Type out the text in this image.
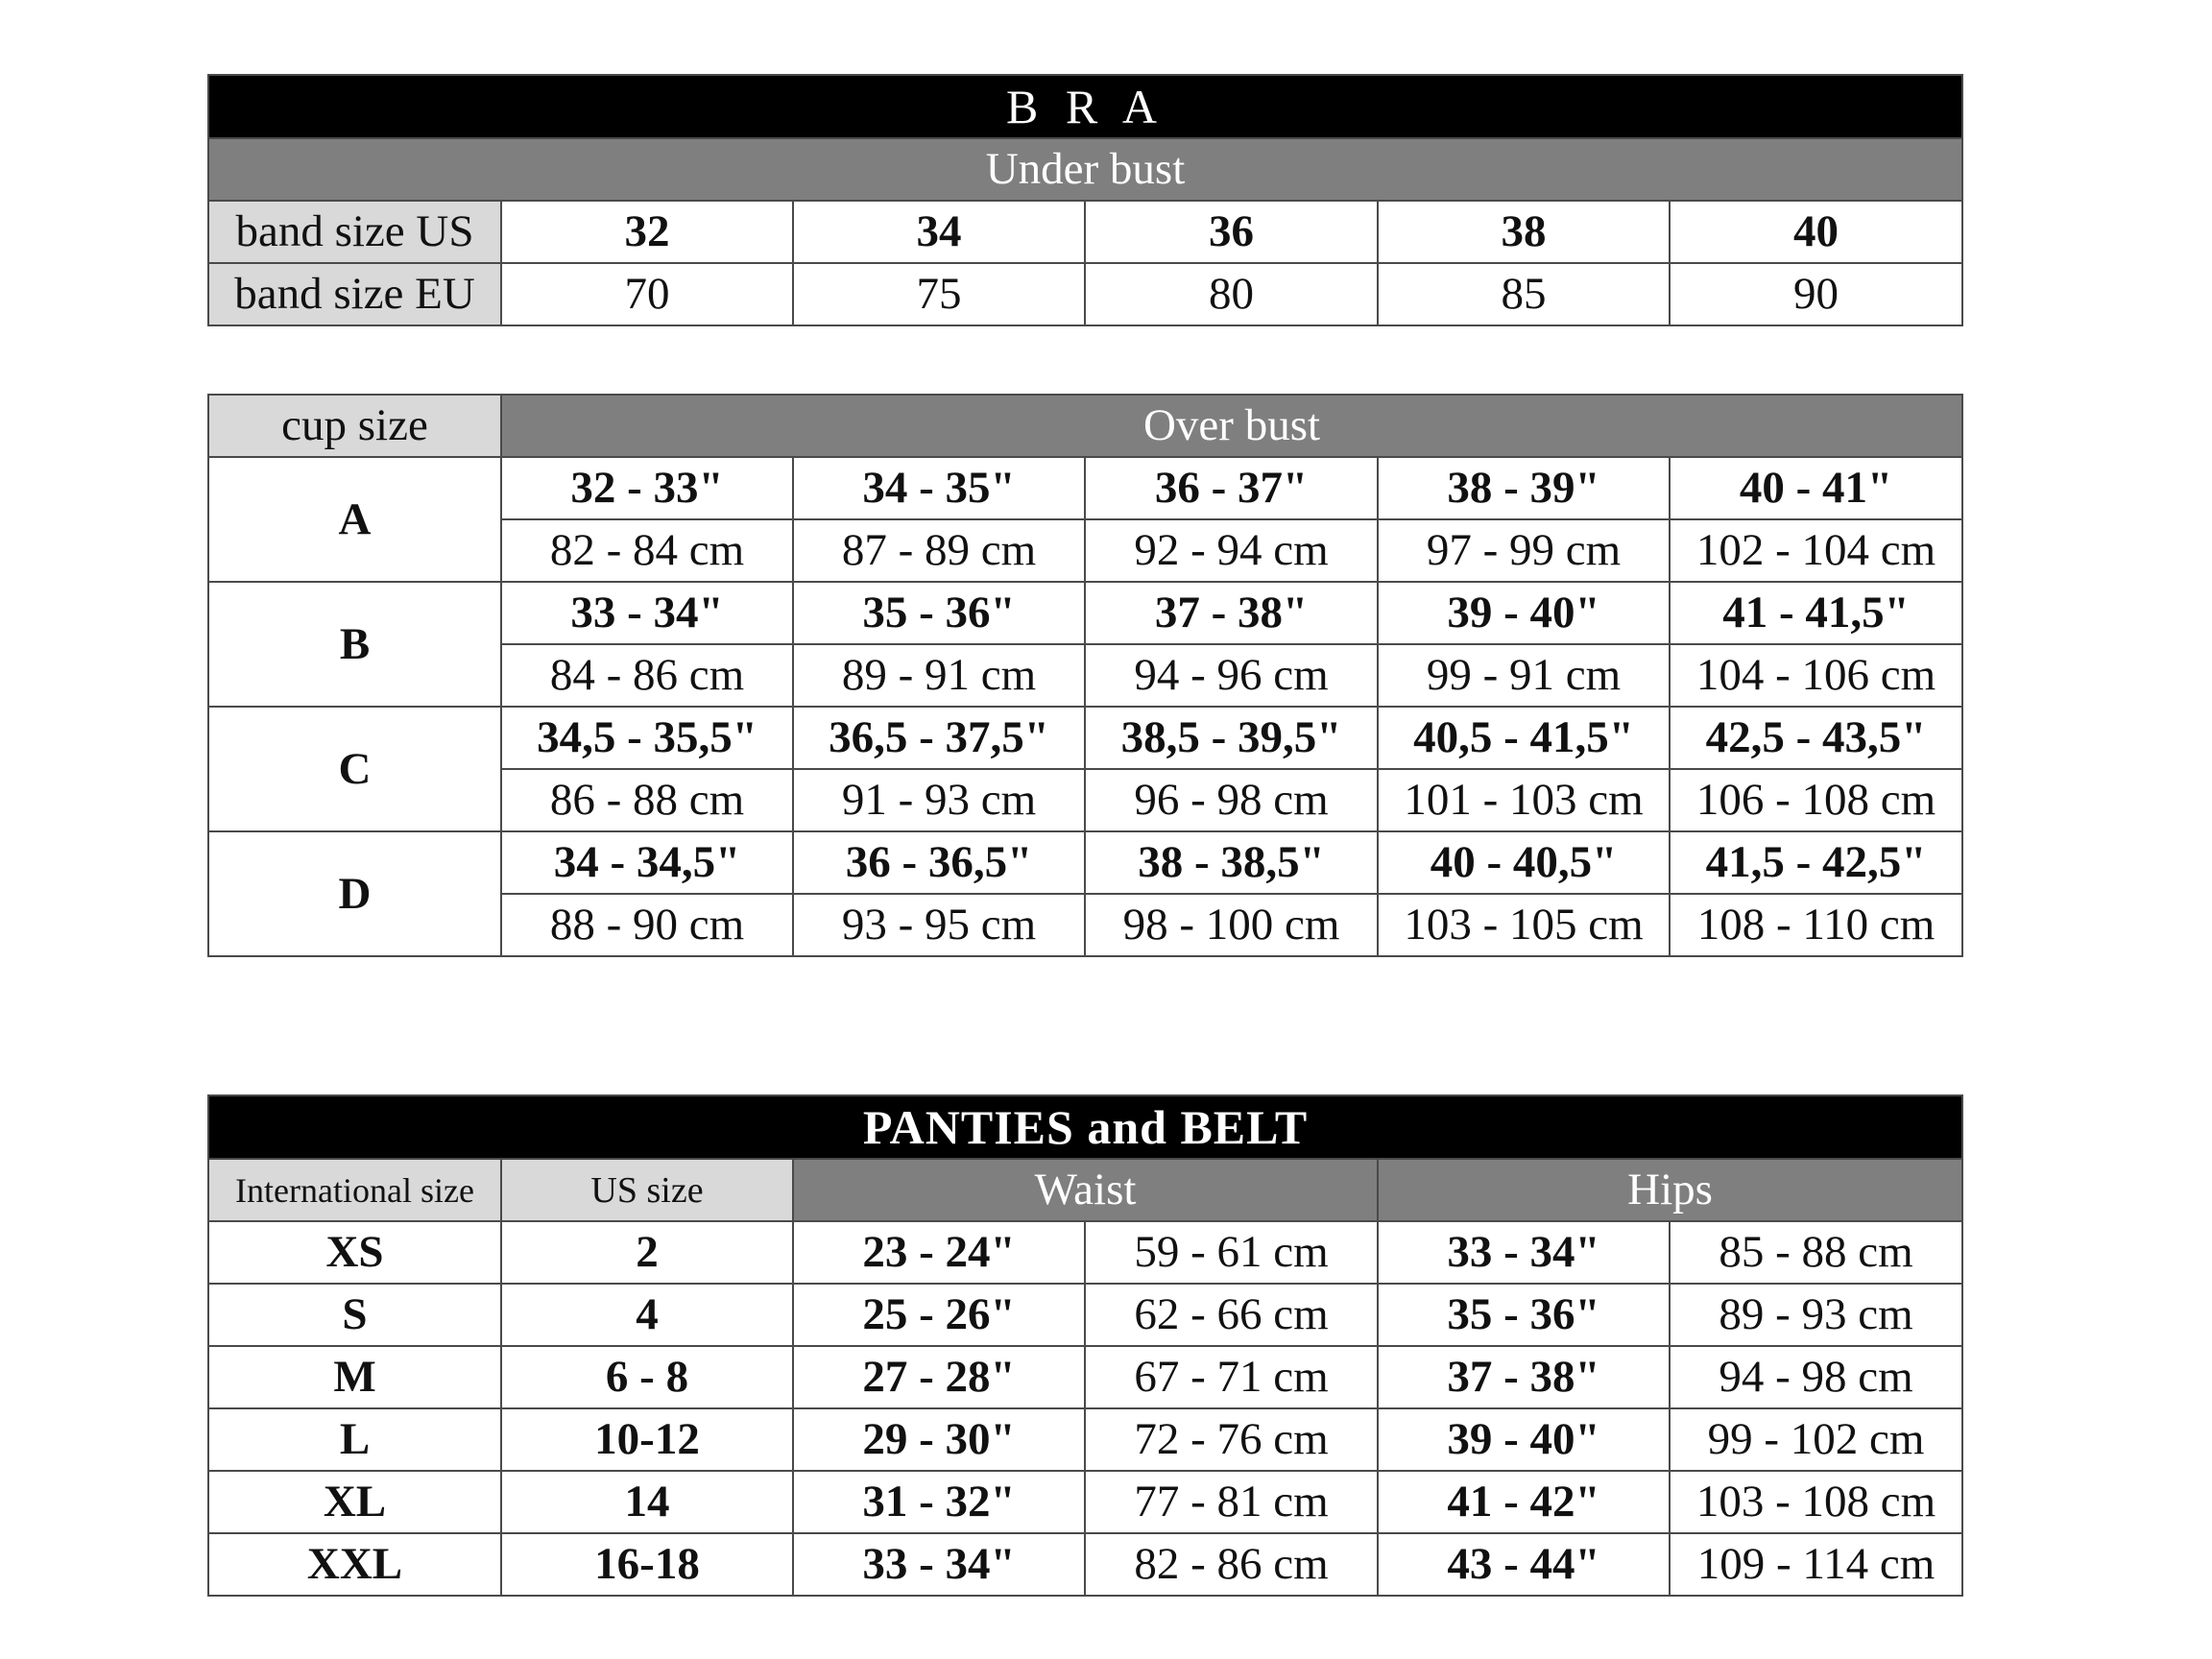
B R A					
Under bust					
band size US	32	34	36	38	40
band size EU	70	75	80	85	90
cup size	Over bust				
A	32 - 33"	34 - 35"	36 - 37"	38 - 39"	40 - 41"
	82 - 84 cm	87 - 89 cm	92 - 94 cm	97 - 99 cm	102 - 104 cm
B	33 - 34"	35 - 36"	37 - 38"	39 - 40"	41 - 41,5"
	84 - 86 cm	89 - 91 cm	94 - 96 cm	99 - 91 cm	104 - 106 cm
C	34,5 - 35,5"	36,5 - 37,5"	38,5 - 39,5"	40,5 - 41,5"	42,5 - 43,5"
	86 - 88 cm	91 - 93 cm	96 - 98 cm	101 - 103 cm	106 - 108 cm
D	34 - 34,5"	36 - 36,5"	38 - 38,5"	40 - 40,5"	41,5 - 42,5"
	88 - 90 cm	93 - 95 cm	98 - 100 cm	103 - 105 cm	108 - 110 cm
PANTIES and BELT					
International size	US size	Waist		Hips	
XS	2	23 - 24"	59 - 61 cm	33 - 34"	85 - 88 cm
S	4	25 - 26"	62 - 66 cm	35 - 36"	89 - 93 cm
M	6 - 8	27 - 28"	67 - 71 cm	37 - 38"	94 - 98 cm
L	10-12	29 - 30"	72 - 76 cm	39 - 40"	99 - 102 cm
XL	14	31 - 32"	77 - 81 cm	41 - 42"	103 - 108 cm
XXL	16-18	33 - 34"	82 - 86 cm	43 - 44"	109 - 114 cm
